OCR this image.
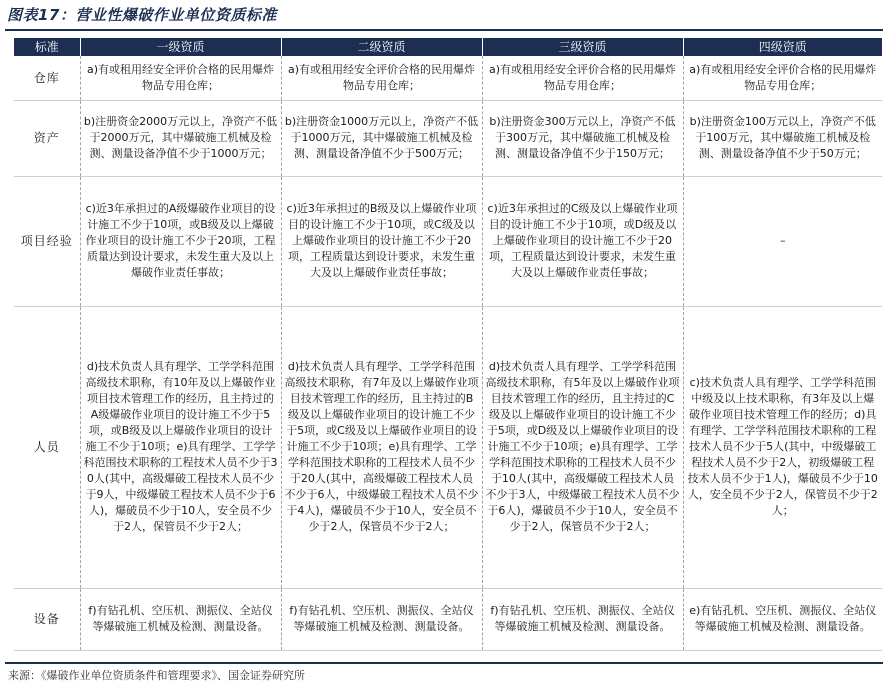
图表17：营业性爆破作业单位资质标准
标准	一级资质	二级资质	三级资质	四级资质
仓库	a)有或租用经安全评价合格的民用爆炸物品专用仓库；	a)有或租用经安全评价合格的民用爆炸物品专用仓库；	a)有或租用经安全评价合格的民用爆炸物品专用仓库；	a)有或租用经安全评价合格的民用爆炸物品专用仓库；

资产	b)注册资金2000万元以上，净资产不低于2000万元，其中爆破施工机械及检测、测量设备净值不少于1000万元；	b)注册资金1000万元以上，净资产不低于1000万元，其中爆破施工机械及检测、测量设备净值不少于500万元；	b)注册资金300万元以上，净资产不低于300万元，其中爆破施工机械及检测、测量设备净值不少于150万元；	b)注册资金100万元以上，净资产不低于100万元，其中爆破施工机械及检测、测量设备净值不少于50万元；

项目经验	c)近3年承担过的A级爆破作业项目的设计施工不少于10项，或B级及以上爆破作业项目的设计施工不少于20项，工程质量达到设计要求，未发生重大及以上爆破作业责任事故；	c)近3年承担过的B级及以上爆破作业项目的设计施工不少于10项，或C级及以上爆破作业项目的设计施工不少于20项，工程质量达到设计要求，未发生重大及以上爆破作业责任事故；	c)近3年承担过的C级及以上爆破作业项目的设计施工不少于10项，或D级及以上爆破作业项目的设计施工不少于20项，工程质量达到设计要求，未发生重大及以上爆破作业责任事故；	–

人员	d)技术负责人具有理学、工学学科范围高级技术职称，有10年及以上爆破作业项目技术管理工作的经历，且主持过的A级爆破作业项目的设计施工不少于5项，或B级及以上爆破作业项目的设计施工不少于10项；e)具有理学、工学学科范围技术职称的工程技术人员不少于30人(其中，高级爆破工程技术人员不少于9人，中级爆破工程技术人员不少于6人)，爆破员不少于10人，安全员不少于2人，保管员不少于2人；	d)技术负责人具有理学、工学学科范围高级技术职称，有7年及以上爆破作业项目技术管理工作的经历，且主持过的B级及以上爆破作业项目的设计施工不少于5项，或C级及以上爆破作业项目的设计施工不少于10项；e)具有理学、工学学科范围技术职称的工程技术人员不少于20人(其中，高级爆破工程技术人员不少于6人，中级爆破工程技术人员不少于4人)，爆破员不少于10人，安全员不少于2人，保管员不少于2人；	d)技术负责人具有理学、工学学科范围高级技术职称，有5年及以上爆破作业项目技术管理工作的经历，且主持过的C级及以上爆破作业项目的设计施工不少于5项，或D级及以上爆破作业项目的设计施工不少于10项；e)具有理学、工学学科范围技术职称的工程技术人员不少于10人(其中，高级爆破工程技术人员不少于3人，中级爆破工程技术人员不少于6人)，爆破员不少于10人，安全员不少于2人，保管员不少于2人；	c)技术负责人具有理学、工学学科范围中级及以上技术职称，有3年及以上爆破作业项目技术管理工作的经历；d)具有理学、工学学科范围技术职称的工程技术人员不少于5人(其中，中级爆破工程技术人员不少于2人，初级爆破工程技术人员不少于1人)，爆破员不少于10人，安全员不少于2人，保管员不少于2人；

设备	f)有钻孔机、空压机、测振仪、全站仪等爆破施工机械及检测、测量设备。	f)有钻孔机、空压机、测振仪、全站仪等爆破施工机械及检测、测量设备。	f)有钻孔机、空压机、测振仪、全站仪等爆破施工机械及检测、测量设备。	e)有钻孔机、空压机、测振仪、全站仪等爆破施工机械及检测、测量设备。
来源：《爆破作业单位资质条件和管理要求》、国金证券研究所
